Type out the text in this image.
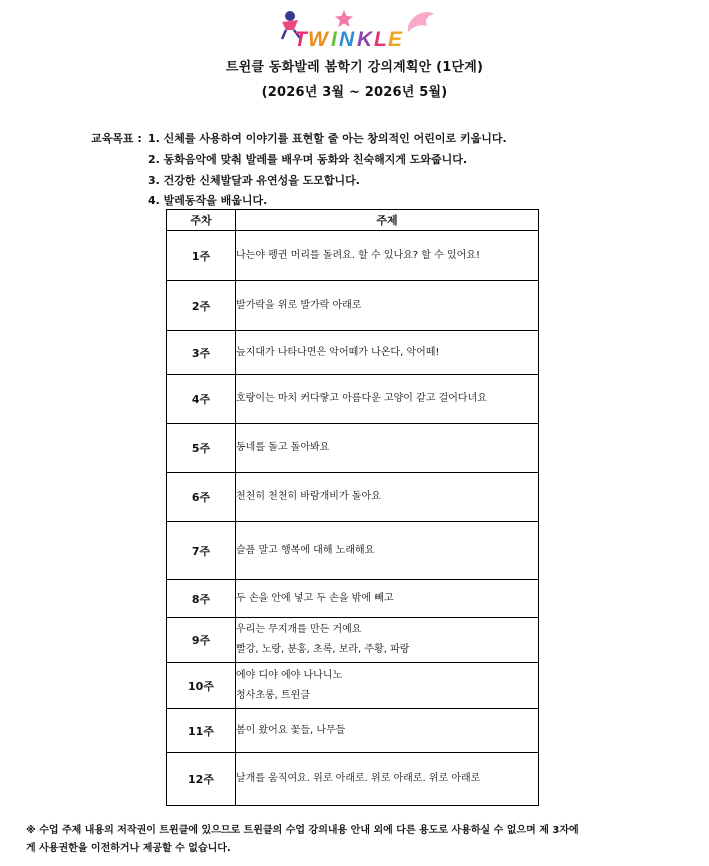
T W I N K L E
트윈클 동화발레 봄학기 강의계획안 (1단계)
(2026년 3월 ~ 2026년 5월)
교육목표 : 1. 신체를 사용하여 이야기를 표현할 줄 아는 창의적인 어린이로 키웁니다.
2. 동화음악에 맞춰 발레를 배우며 동화와 친숙해지게 도와줍니다.
3. 건강한 신체발달과 유연성을 도모합니다.
4. 발레동작을 배웁니다.
주차	주제
1주	나는야 펭귄 머리를 돌려요. 할 수 있나요? 할 수 있어요!
2주	발가락을 위로 발가락 아래로
3주	늪지대가 나타나면은 악어떼가 나온다, 악어떼!
4주	호랑이는 마치 커다랗고 아름다운 고양이 같고 걸어다녀요
5주	동네를 돌고 돌아봐요
6주	천천히 천천히 바람개비가 돌아요
7주	슬픔 말고 행복에 대해 노래해요
8주	두 손을 안에 넣고 두 손을 밖에 빼고
9주	우리는 무지개를 만든 거예요
빨강, 노랑, 분홍, 초록, 보라, 주황, 파랑

10주	에야 디야 에야 나나니노
청사초롱, 트윈클

11주	봄이 왔어요 꽃들, 나무들
12주	날개를 움직여요. 위로 아래로. 위로 아래로. 위로 아래로
※ 수업 주제 내용의 저작권이 트윈클에 있으므로 트윈클의 수업 강의내용 안내 외에 다른 용도로 사용하실 수 없으며 제 3자에
게 사용권한을 이전하거나 제공할 수 없습니다.
